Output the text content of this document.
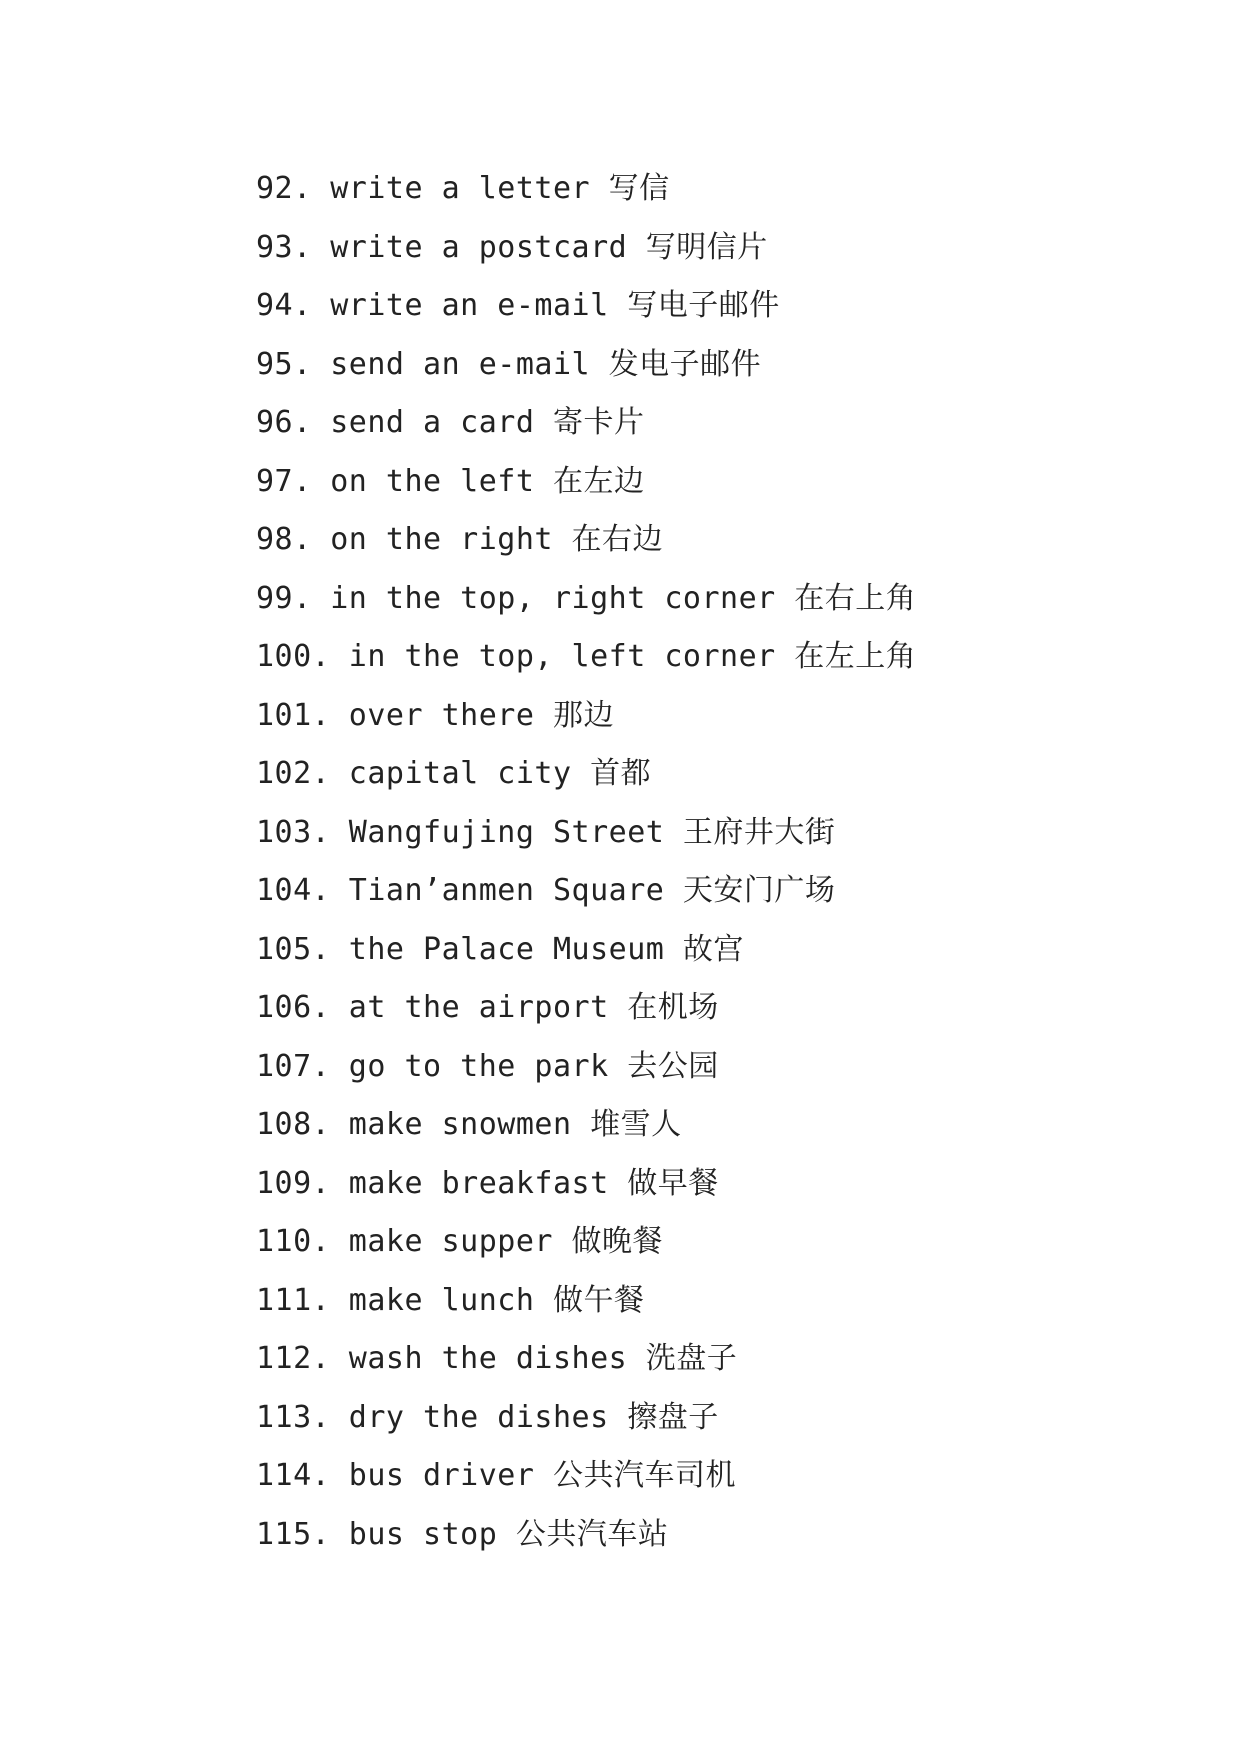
92. write a letter 写信
93. write a postcard 写明信片
94. write an e-mail 写电子邮件
95. send an e-mail 发电子邮件
96. send a card 寄卡片
97. on the left 在左边
98. on the right 在右边
99. in the top, right corner 在右上角
100. in the top, left corner 在左上角
101. over there 那边
102. capital city 首都
103. Wangfujing Street 王府井大街
104. Tian’anmen Square 天安门广场
105. the Palace Museum 故宫
106. at the airport 在机场
107. go to the park 去公园
108. make snowmen 堆雪人
109. make breakfast 做早餐
110. make supper 做晚餐
111. make lunch 做午餐
112. wash the dishes 洗盘子
113. dry the dishes 擦盘子
114. bus driver 公共汽车司机
115. bus stop 公共汽车站
